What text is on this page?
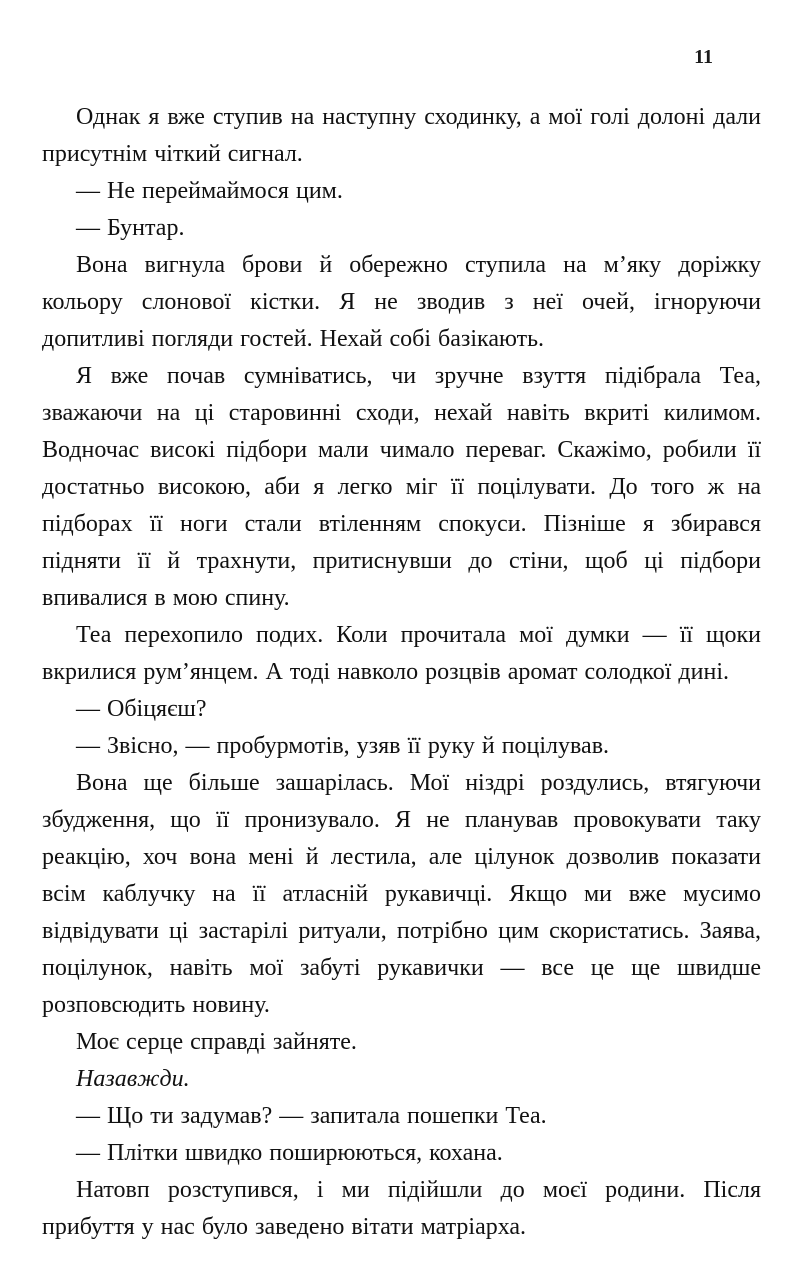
11

Однак я вже ступив на наступну сходинку, а мої голі долоні дали присутнім чіткий сигнал.

— Не переймаймося цим.

— Бунтар.

Вона вигнула брови й обережно ступила на м’яку доріжку кольору слонової кістки. Я не зводив з неї очей, ігноруючи допитливі погляди гостей. Нехай собі базікають.

Я вже почав сумніватись, чи зручне взуття підібрала Теа, зважаючи на ці старовинні сходи, нехай навіть вкриті килимом. Водночас високі підбори мали чимало переваг. Скажімо, робили її достатньо високою, аби я легко міг її поцілувати. До того ж на підборах її ноги стали втіленням спокуси. Пізніше я збирався підняти її й трахнути, притиснувши до стіни, щоб ці підбори впивалися в мою спину.

Теа перехопило подих. Коли прочитала мої думки — її щоки вкрилися рум’янцем. А тоді навколо розцвів аромат солодкої дині.

— Обіцяєш?

— Звісно, — пробурмотів, узяв її руку й поцілував.

Вона ще більше зашарілась. Мої ніздрі роздулись, втягуючи збудження, що її пронизувало. Я не планував провокувати таку реакцію, хоч вона мені й лестила, але цілунок дозволив показати всім каблучку на її атласній рукавичці. Якщо ми вже мусимо відвідувати ці застарілі ритуали, потрібно цим скористатись. Заява, поцілунок, навіть мої забуті рукавички — все це ще швидше розповсюдить новину.

Моє серце справді зайняте.

Назавжди.

— Що ти задумав? — запитала пошепки Теа.

— Плітки швидко поширюються, кохана.

Натовп розступився, і ми підійшли до моєї родини. Після прибуття у нас було заведено вітати матріарха.
